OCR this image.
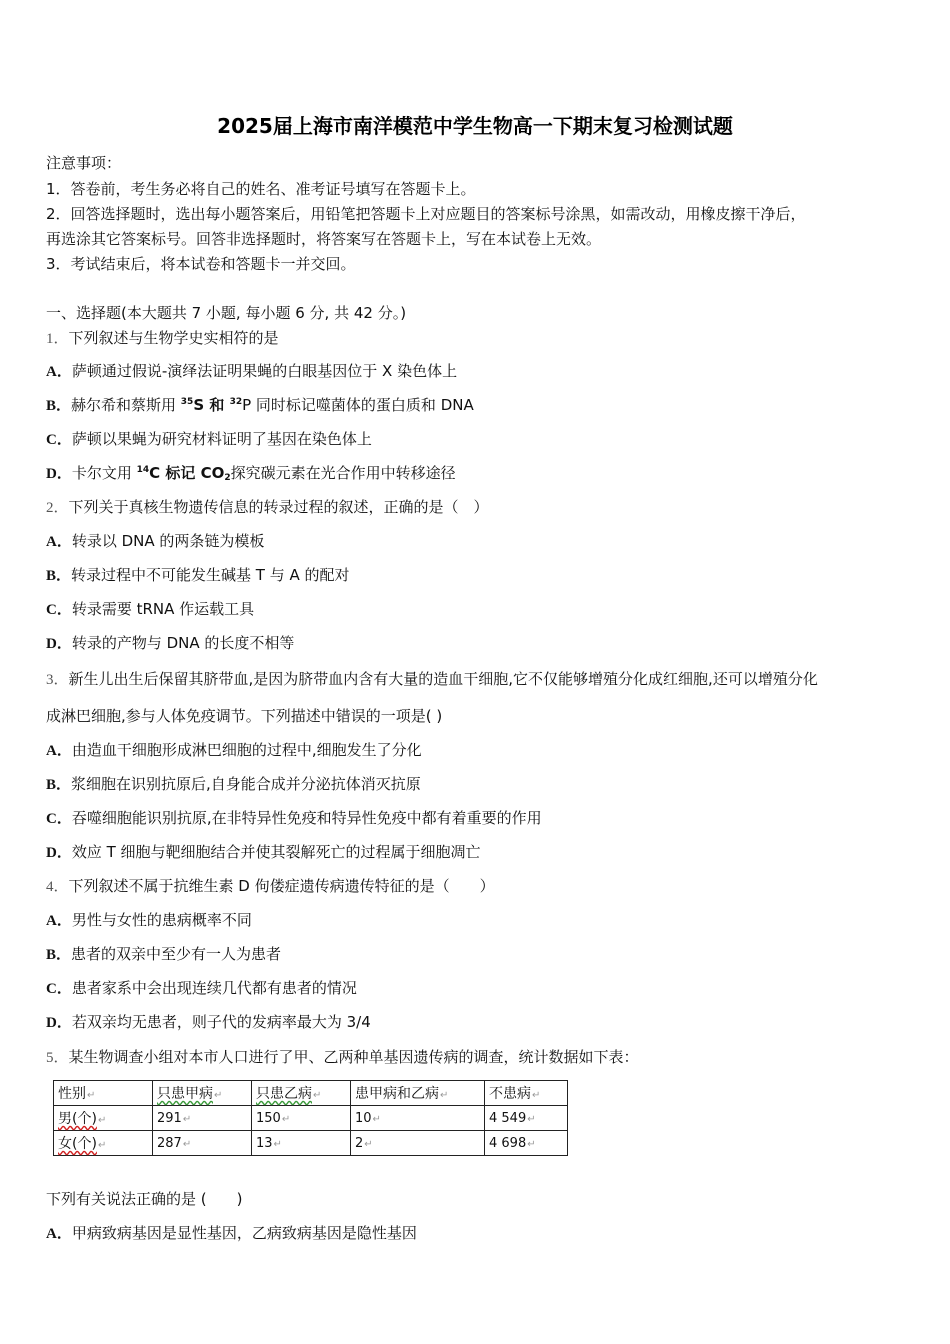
2025届上海市南洋模范中学生物高一下期末复习检测试题
注意事项：
1．答卷前，考生务必将自己的姓名、准考证号填写在答题卡上。
2．回答选择题时，选出每小题答案后，用铅笔把答题卡上对应题目的答案标号涂黑，如需改动，用橡皮擦干净后，
再选涂其它答案标号。回答非选择题时，将答案写在答题卡上，写在本试卷上无效。
3．考试结束后，将本试卷和答题卡一并交回。
一、选择题(本大题共 7 小题, 每小题 6 分, 共 42 分。)
1．下列叙述与生物学史实相符的是
A．萨顿通过假说-演绎法证明果蝇的白眼基因位于 X 染色体上
B．赫尔希和蔡斯用 $^{35}$S 和 $^{32}$P 同时标记噬菌体的蛋白质和 DNA
C．萨顿以果蝇为研究材料证明了基因在染色体上
D．卡尔文用 $^{14}$C 标记 $CO_2$探究碳元素在光合作用中转移途径
2．下列关于真核生物遗传信息的转录过程的叙述，正确的是（　）
A．转录以 DNA 的两条链为模板
B．转录过程中不可能发生碱基 T 与 A 的配对
C．转录需要 tRNA 作运载工具
D．转录的产物与 DNA 的长度不相等
3．新生儿出生后保留其脐带血,是因为脐带血内含有大量的造血干细胞,它不仅能够增殖分化成红细胞,还可以增殖分化
成淋巴细胞,参与人体免疫调节。下列描述中错误的一项是( )
A．由造血干细胞形成淋巴细胞的过程中,细胞发生了分化
B．浆细胞在识别抗原后,自身能合成并分泌抗体消灭抗原
C．吞噬细胞能识别抗原,在非特异性免疫和特异性免疫中都有着重要的作用
D．效应 T 细胞与靶细胞结合并使其裂解死亡的过程属于细胞凋亡
4．下列叙述不属于抗维生素 D 佝偻症遗传病遗传特征的是（　　）
A．男性与女性的患病概率不同
B．患者的双亲中至少有一人为患者
C．患者家系中会出现连续几代都有患者的情况
D．若双亲均无患者，则子代的发病率最大为 3/4
5．某生物调查小组对本市人口进行了甲、乙两种单基因遗传病的调查，统计数据如下表：
性别↵	只患甲病↵	只患乙病↵	患甲病和乙病↵	不患病↵
男(个)↵	291↵	150↵	10↵	4 549↵
女(个)↵	287↵	13↵	2↵	4 698↵
下列有关说法正确的是 (　　)
A．甲病致病基因是显性基因，乙病致病基因是隐性基因
